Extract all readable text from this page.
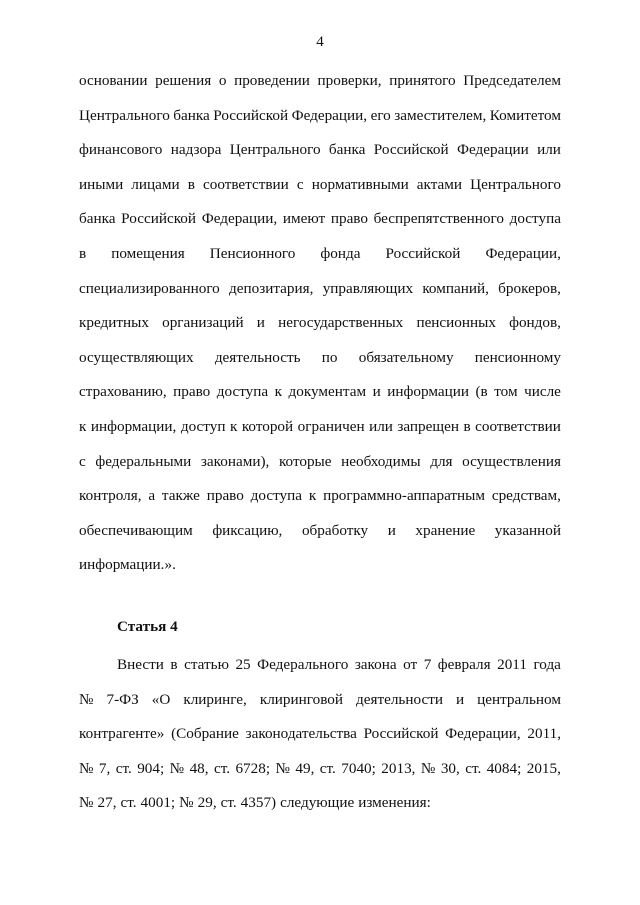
4
основании решения о проведении проверки, принятого Председателем
Центрального банка Российской Федерации, его заместителем, Комитетом
финансового надзора Центрального банка Российской Федерации или
иными лицами в соответствии с нормативными актами Центрального
банка Российской Федерации, имеют право беспрепятственного доступа
в помещения Пенсионного фонда Российской Федерации,
специализированного депозитария, управляющих компаний, брокеров,
кредитных организаций и негосударственных пенсионных фондов,
осуществляющих деятельность по обязательному пенсионному
страхованию, право доступа к документам и информации (в том числе
к информации, доступ к которой ограничен или запрещен в соответствии
с федеральными законами), которые необходимы для осуществления
контроля, а также право доступа к программно-аппаратным средствам,
обеспечивающим фиксацию, обработку и хранение указанной
информации.».
Статья 4
Внести в статью 25 Федерального закона от 7 февраля 2011 года
№ 7-ФЗ «О клиринге, клиринговой деятельности и центральном
контрагенте» (Собрание законодательства Российской Федерации, 2011,
№ 7, ст. 904; № 48, ст. 6728; № 49, ст. 7040; 2013, № 30, ст. 4084; 2015,
№ 27, ст. 4001; № 29, ст. 4357) следующие изменения:
